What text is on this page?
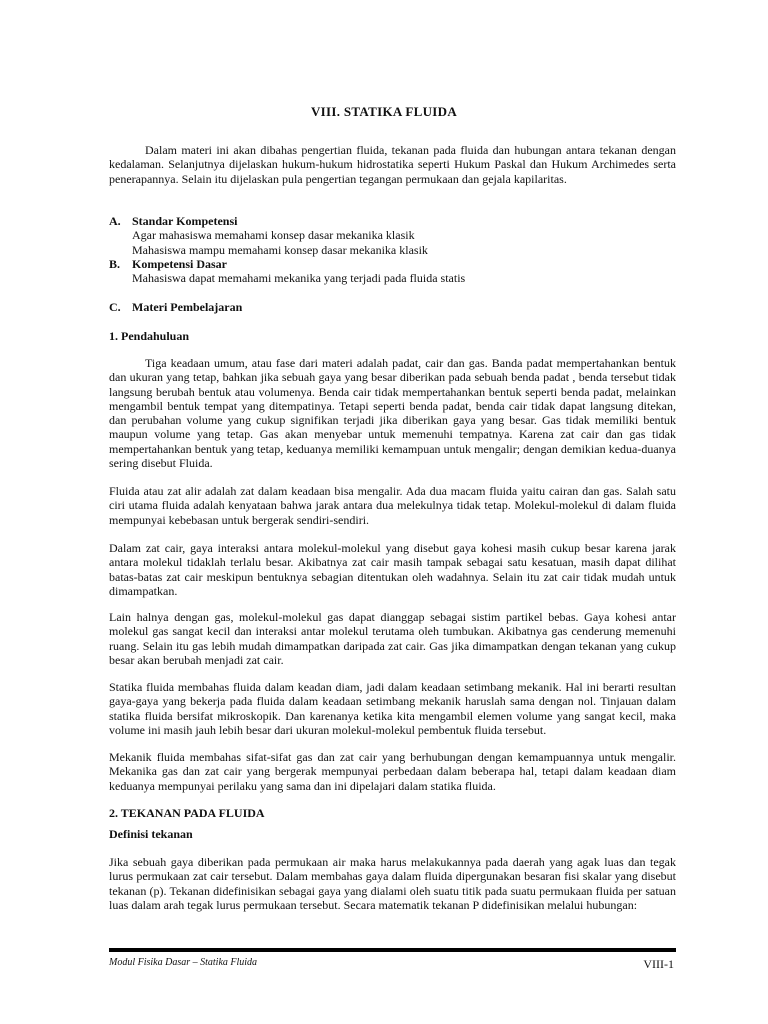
VIII. STATIKA FLUIDA
Dalam materi ini akan dibahas pengertian fluida, tekanan pada fluida dan hubungan antara tekanan dengan kedalaman. Selanjutnya dijelaskan hukum-hukum hidrostatika seperti Hukum Paskal dan Hukum Archimedes serta penerapannya. Selain itu dijelaskan pula pengertian tegangan permukaan dan gejala kapilaritas.
A. Standar Kompetensi
Agar mahasiswa memahami konsep dasar mekanika klasik
Mahasiswa mampu memahami konsep dasar mekanika klasik
B. Kompetensi Dasar
Mahasiswa dapat memahami mekanika yang terjadi pada fluida statis
C. Materi Pembelajaran
1. Pendahuluan
Tiga keadaan umum, atau fase dari materi adalah padat, cair dan gas. Banda padat mempertahankan bentuk dan ukuran yang tetap, bahkan jika sebuah gaya yang besar diberikan pada sebuah benda padat , benda tersebut tidak langsung berubah bentuk atau volumenya. Benda cair tidak mempertahankan bentuk seperti benda padat, melainkan mengambil bentuk tempat yang ditempatinya. Tetapi seperti benda padat, benda cair tidak dapat langsung ditekan, dan perubahan volume yang cukup signifikan terjadi jika diberikan gaya yang besar. Gas tidak memiliki bentuk maupun volume yang tetap. Gas akan menyebar untuk memenuhi tempatnya. Karena zat cair dan gas tidak mempertahankan bentuk yang tetap, keduanya memiliki kemampuan untuk mengalir; dengan demikian kedua-duanya sering disebut Fluida.
Fluida atau zat alir adalah zat dalam keadaan bisa mengalir. Ada dua macam fluida yaitu cairan dan gas. Salah satu ciri utama fluida adalah kenyataan bahwa jarak antara dua melekulnya tidak tetap. Molekul-molekul di dalam fluida mempunyai kebebasan untuk bergerak sendiri-sendiri.
Dalam zat cair, gaya interaksi antara molekul-molekul yang disebut gaya kohesi masih cukup besar karena jarak antara molekul tidaklah terlalu besar. Akibatnya zat cair masih tampak sebagai satu kesatuan, masih dapat dilihat batas-batas zat cair meskipun bentuknya sebagian ditentukan oleh wadahnya. Selain itu zat cair tidak mudah untuk dimampatkan.
Lain halnya dengan gas, molekul-molekul gas dapat dianggap sebagai sistim partikel bebas. Gaya kohesi antar molekul gas sangat kecil dan interaksi antar molekul terutama oleh tumbukan. Akibatnya gas cenderung memenuhi ruang. Selain itu gas lebih mudah dimampatkan daripada zat cair. Gas jika dimampatkan dengan tekanan yang cukup besar akan berubah menjadi zat cair.
Statika fluida membahas fluida dalam keadan diam, jadi dalam keadaan setimbang mekanik. Hal ini berarti resultan gaya-gaya yang bekerja pada fluida dalam keadaan setimbang mekanik haruslah sama dengan nol. Tinjauan dalam statika fluida bersifat mikroskopik. Dan karenanya ketika kita mengambil elemen volume yang sangat kecil, maka volume ini masih jauh lebih besar dari ukuran molekul-molekul pembentuk fluida tersebut.
Mekanik fluida membahas sifat-sifat gas dan zat cair yang berhubungan dengan kemampuannya untuk mengalir. Mekanika gas dan zat cair yang bergerak mempunyai perbedaan dalam beberapa hal, tetapi dalam keadaan diam keduanya mempunyai perilaku yang sama dan ini dipelajari dalam statika fluida.
2. TEKANAN PADA FLUIDA
Definisi tekanan
Jika sebuah gaya diberikan pada permukaan air maka harus melakukannya pada daerah yang agak luas dan tegak lurus permukaan zat cair tersebut. Dalam membahas gaya dalam fluida dipergunakan besaran fisi skalar yang disebut tekanan (p). Tekanan didefinisikan sebagai gaya yang dialami oleh suatu titik pada suatu permukaan fluida per satuan luas dalam arah tegak lurus permukaan tersebut. Secara matematik tekanan P didefinisikan melalui hubungan:
Modul Fisika Dasar – Statika Fluida	VIII-1
